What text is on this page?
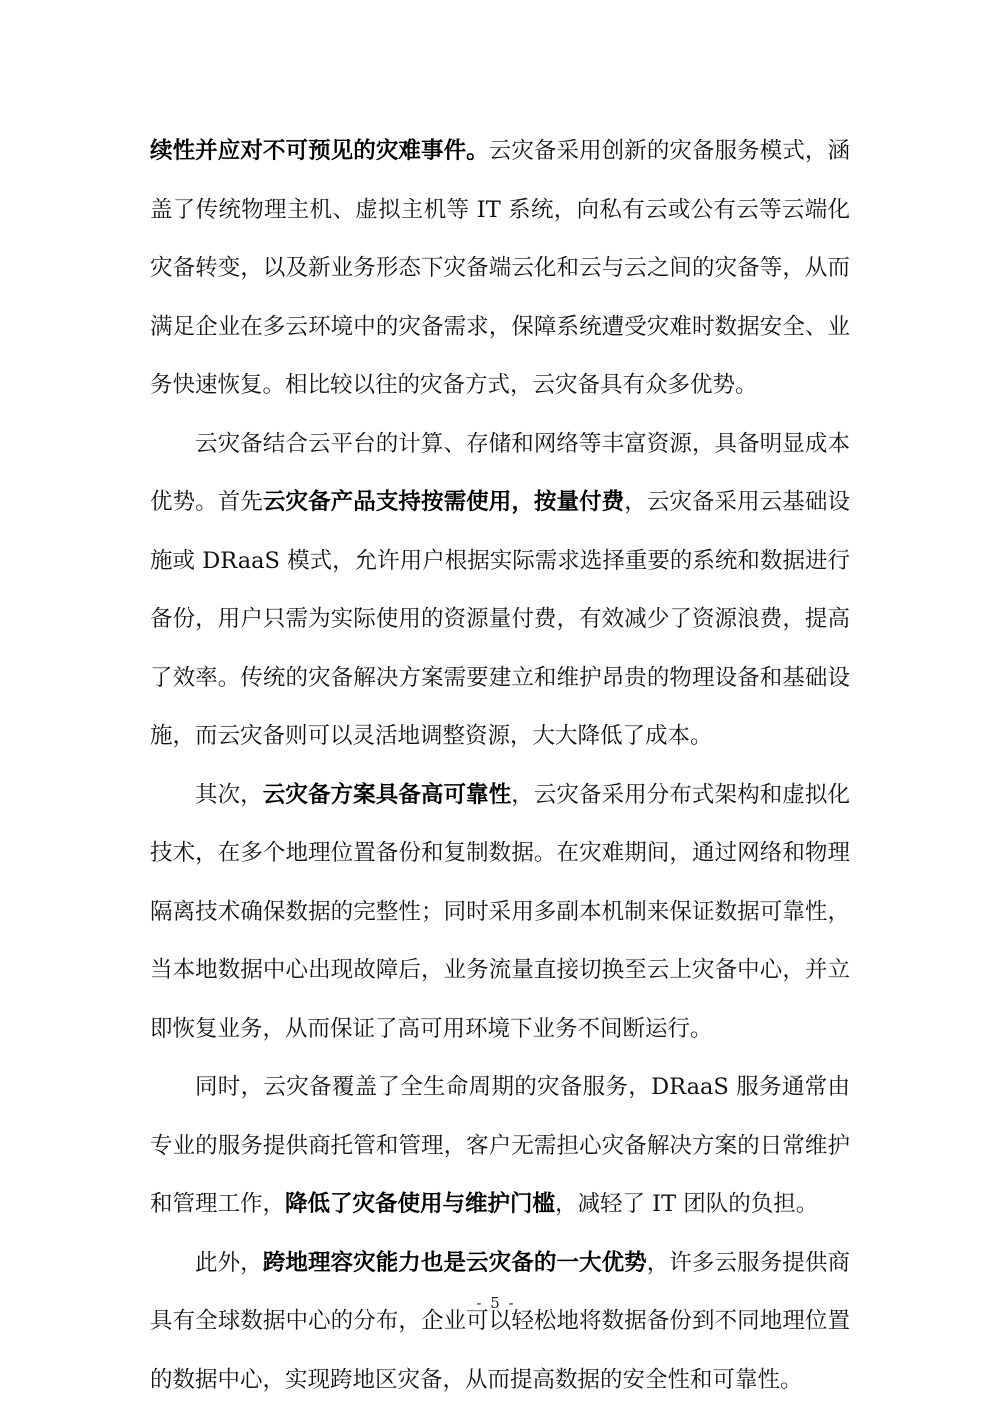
续性并应对不可预见的灾难事件。云灾备采用创新的灾备服务模式，涵盖了传统物理主机、虚拟主机等 IT 系统，向私有云或公有云等云端化灾备转变，以及新业务形态下灾备端云化和云与云之间的灾备等，从而满足企业在多云环境中的灾备需求，保障系统遭受灾难时数据安全、业务快速恢复。相比较以往的灾备方式，云灾备具有众多优势。

云灾备结合云平台的计算、存储和网络等丰富资源，具备明显成本优势。首先云灾备产品支持按需使用，按量付费，云灾备采用云基础设施或 DRaaS 模式，允许用户根据实际需求选择重要的系统和数据进行备份，用户只需为实际使用的资源量付费，有效减少了资源浪费，提高了效率。传统的灾备解决方案需要建立和维护昂贵的物理设备和基础设施，而云灾备则可以灵活地调整资源，大大降低了成本。

其次，云灾备方案具备高可靠性，云灾备采用分布式架构和虚拟化技术，在多个地理位置备份和复制数据。在灾难期间，通过网络和物理隔离技术确保数据的完整性；同时采用多副本机制来保证数据可靠性，当本地数据中心出现故障后，业务流量直接切换至云上灾备中心，并立即恢复业务，从而保证了高可用环境下业务不间断运行。

同时，云灾备覆盖了全生命周期的灾备服务，DRaaS 服务通常由专业的服务提供商托管和管理，客户无需担心灾备解决方案的日常维护和管理工作，降低了灾备使用与维护门槛，减轻了 IT 团队的负担。

此外，跨地理容灾能力也是云灾备的一大优势，许多云服务提供商具有全球数据中心的分布，企业可以轻松地将数据备份到不同地理位置的数据中心，实现跨地区灾备，从而提高数据的安全性和可靠性。

- 5 -
